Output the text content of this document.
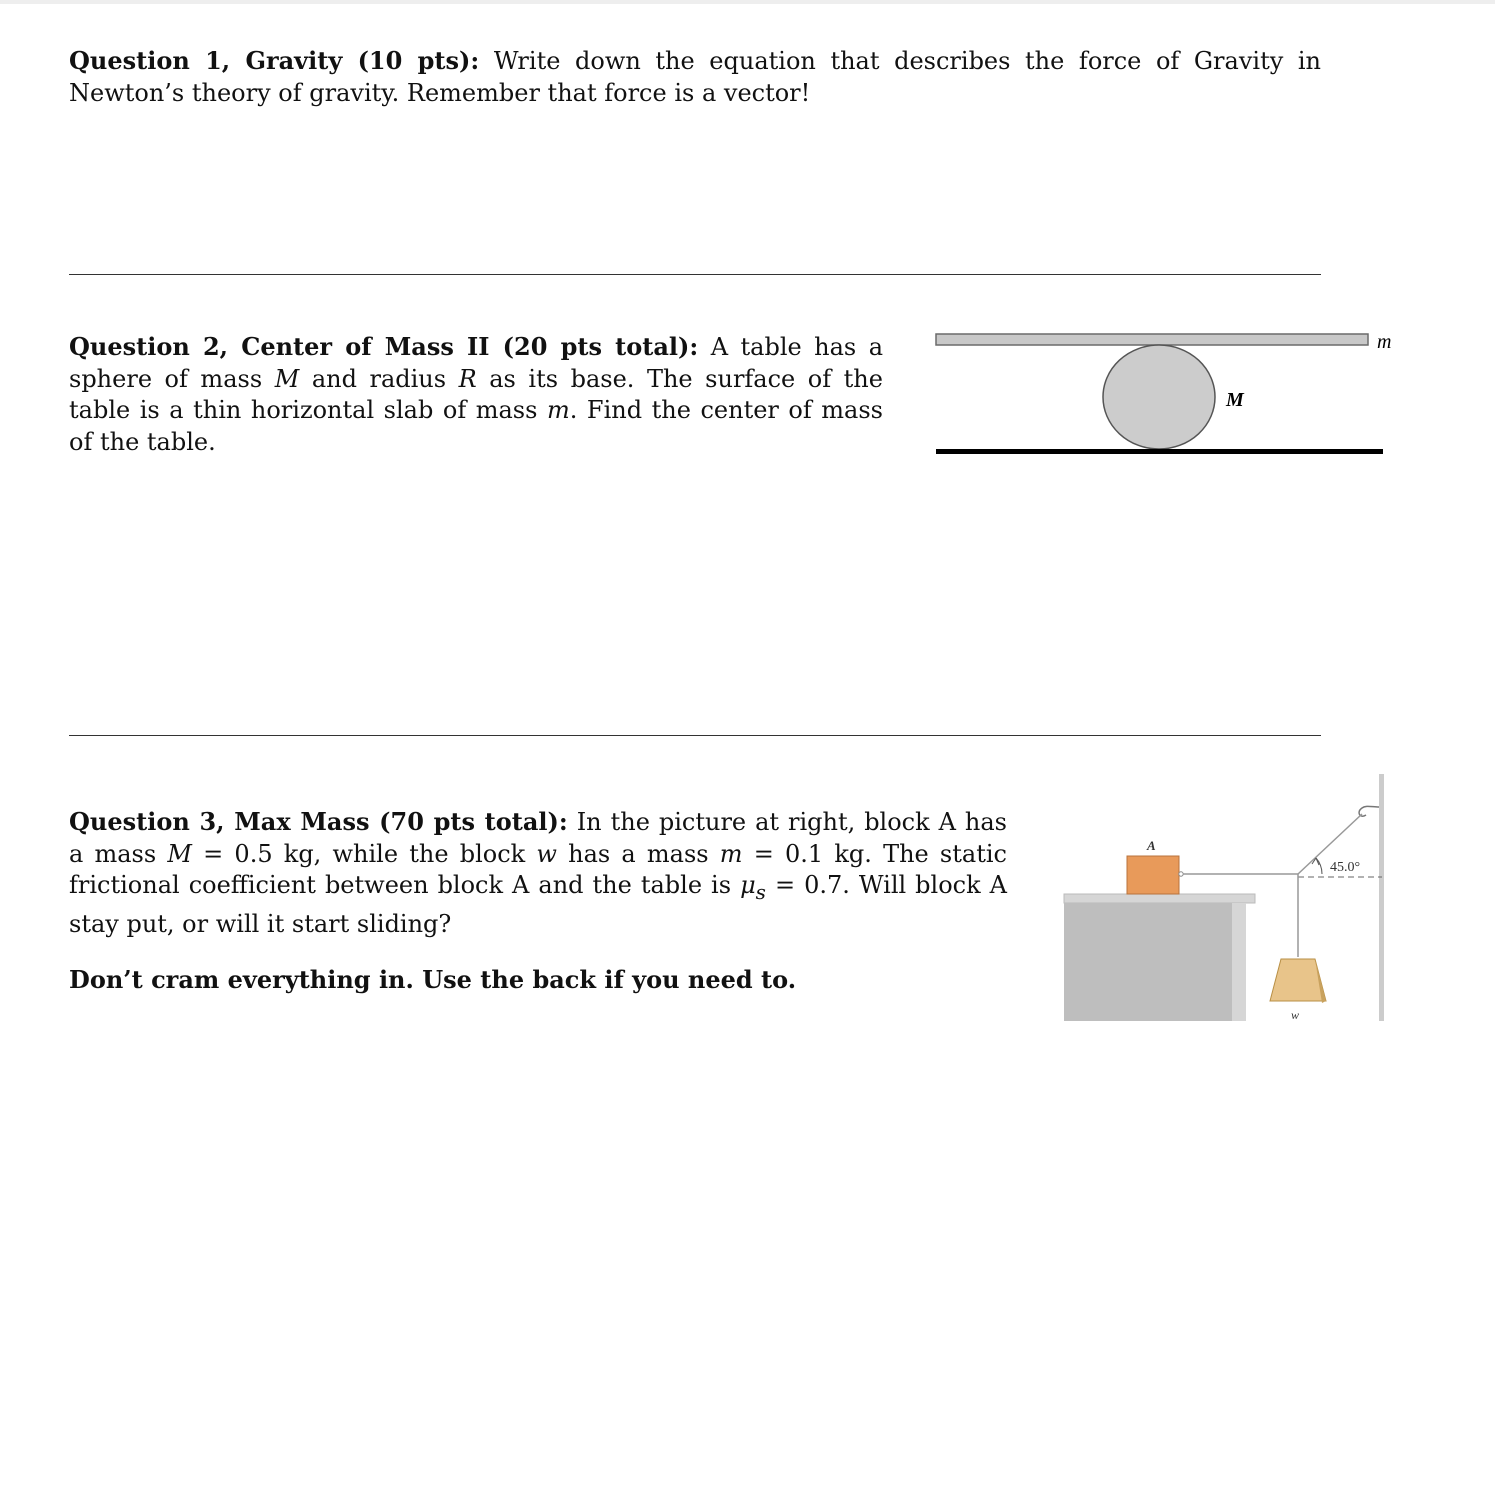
Question 1, Gravity (10 pts): Write down the equation that describes the force of Gravity in Newton’s theory of gravity. Remember that force is a vector!
Question 2, Center of Mass II (20 pts total): A table has a sphere of mass M and radius R as its base. The surface of the table is a thin horizontal slab of mass m. Find the center of mass of the table.
m
M
Question 3, Max Mass (70 pts total): In the picture at right, block A has a mass M = 0.5 kg, while the block w has a mass m = 0.1 kg. The static frictional coefficient between block A and the table is $\mu_s = 0.7$. Will block A stay put, or will it start sliding?
Don’t cram everything in. Use the back if you need to.
A
45.0°
w
